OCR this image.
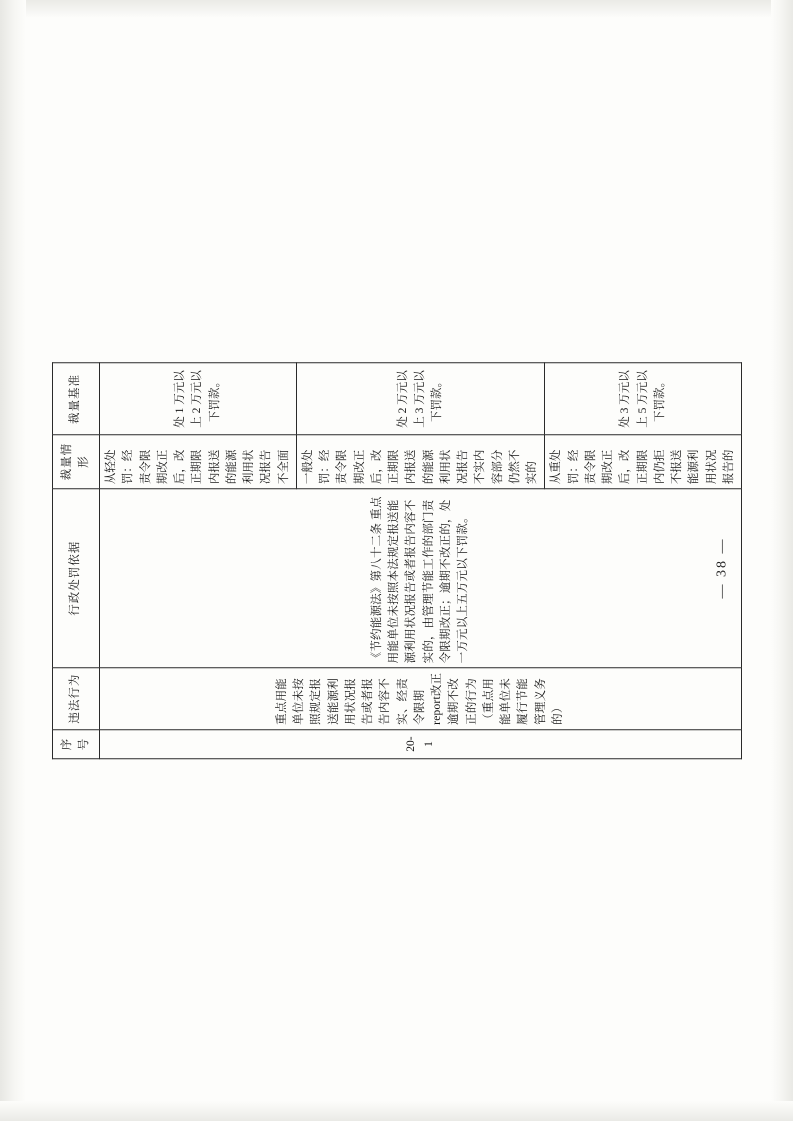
序号	违法行为	行政处罚依据	裁量情形	裁量基准
20-1	重点用能单位未按照规定报送能源利用状况报告或者报告内容不实、经责令限期report改正逾期不改正的行为（重点用能单位未履行节能管理义务的）	《节约能源法》第八十二条 重点用能单位未按照本法规定报送能源利用状况报告或者报告内容不实的，由管理节能工作的部门责令限期改正；逾期不改正的，处一万元以上五万元以下罚款。	从轻处罚：经责令限期改正后，改正期限内报送的能源利用状况报告不全面	处 1 万元以上 2 万元以下罚款。
			一般处罚：经责令限期改正后，改正期限内报送的能源利用状况报告不实内容部分仍然不实的	处 2 万元以上 3 万元以下罚款。
			从重处罚：经责令限期改正后，改正期限内仍拒不报送能源利用状况报告的	处 3 万元以上 5 万元以下罚款。
— 38 —
